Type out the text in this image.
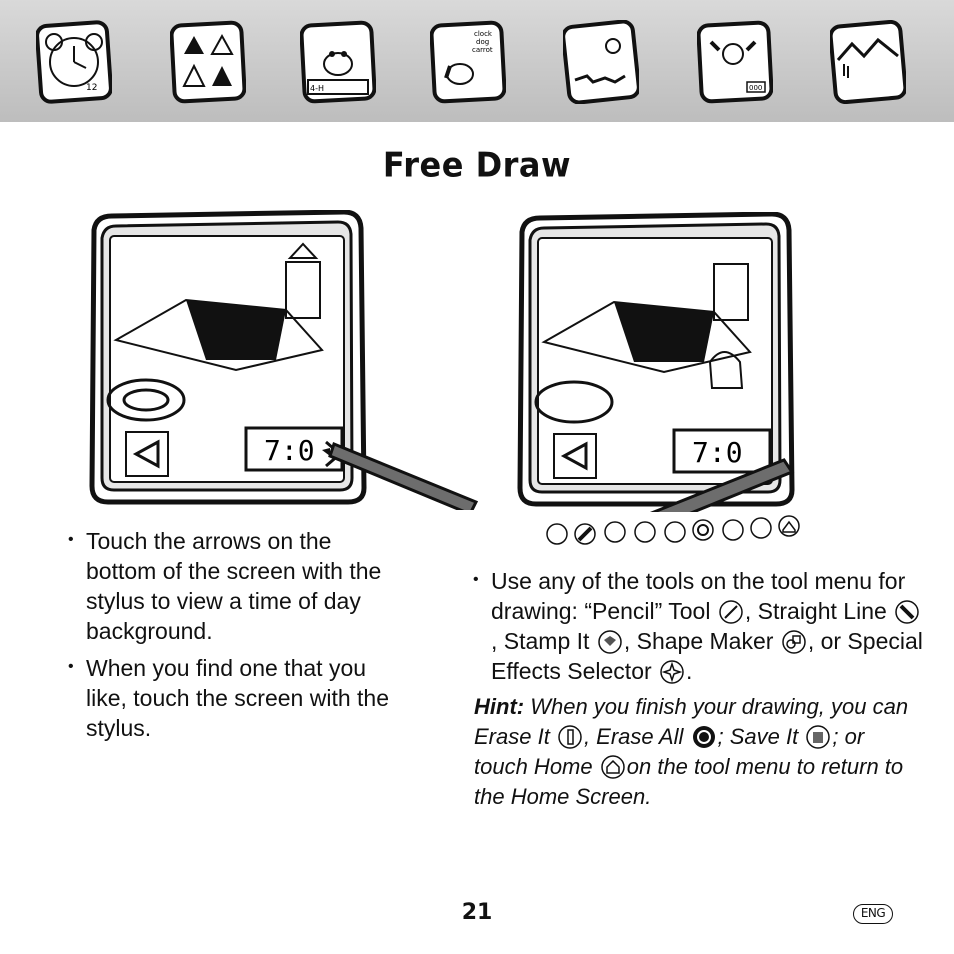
12	4-H
clock
dog
carrot
000
Free Draw
7:0	7:0
• Touch the arrows on the bottom of the screen with the stylus to view a time of day background.
• When you find one that you like, touch the screen with the stylus.
• Use any of the tools on the tool menu for drawing: “Pencil” Tool , Straight Line , Stamp It , Shape Maker , or Special Effects Selector .
Hint: When you finish your drawing, you can Erase It , Erase All ; Save It ; or touch Home on the tool menu to return to the Home Screen.
21	ENG
